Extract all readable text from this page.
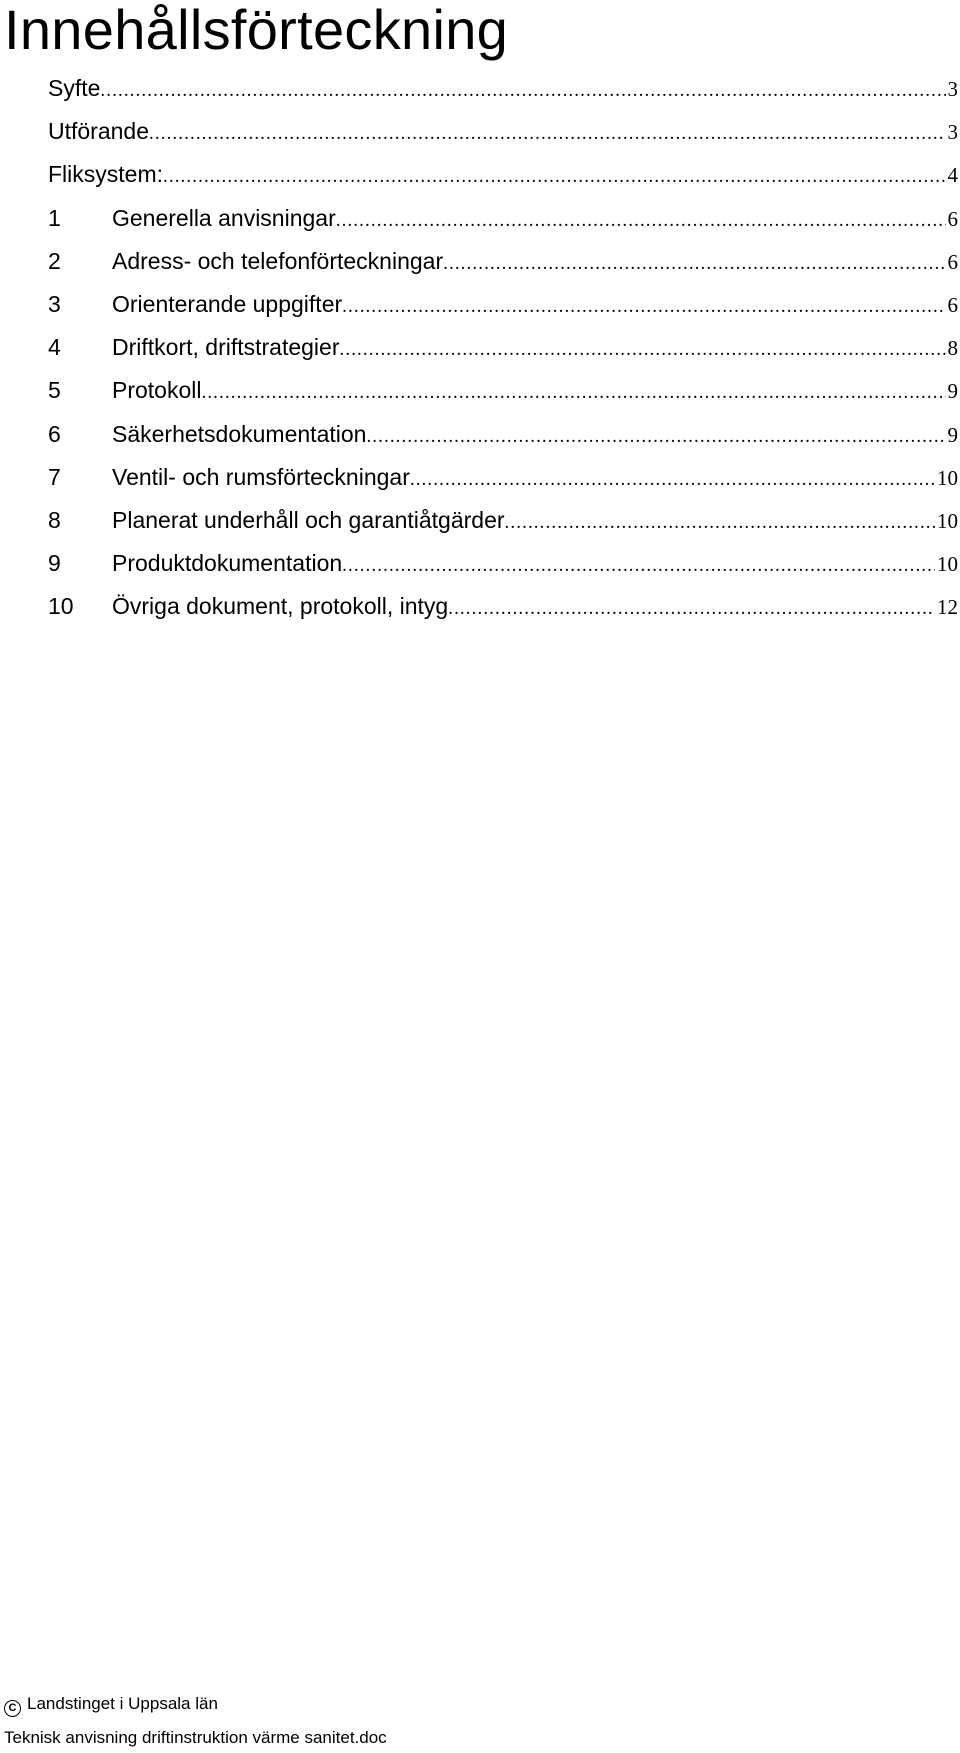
Innehållsförteckning
Syfte .....	3
Utförande .....	3
Fliksystem: .....	4
1	Generella anvisningar .....	6
2	Adress- och telefonförteckningar .....	6
3	Orienterande uppgifter .....	6
4	Driftkort, driftstrategier .....	8
5	Protokoll .....	9
6	Säkerhetsdokumentation .....	9
7	Ventil- och rumsförteckningar .....	10
8	Planerat underhåll och garantiåtgärder .....	10
9	Produktdokumentation .....	10
10	Övriga dokument, protokoll, intyg .....	12
C Landstinget i Uppsala län
Teknisk anvisning driftinstruktion värme sanitet.doc
